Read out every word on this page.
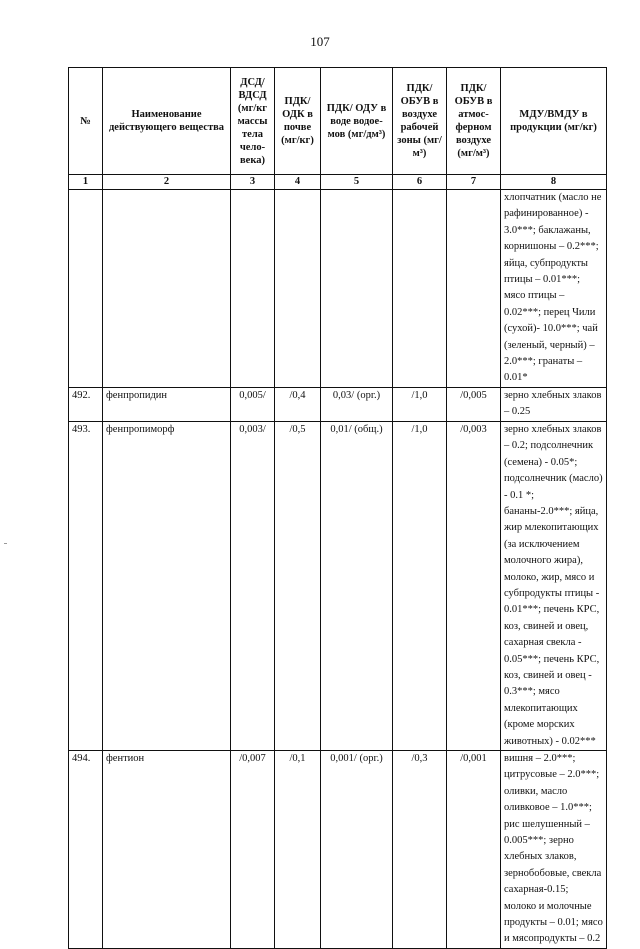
107
№	Наименование действующего вещества	ДСД/ ВДСД (мг/кг массы тела чело-века)	ПДК/ ОДК в почве (мг/кг)	ПДК/ ОДУ в воде водое-мов (мг/дм³)	ПДК/ ОБУВ в воздухе рабочей зоны (мг/м³)	ПДК/ ОБУВ в атмос-ферном воздухе (мг/м³)	МДУ/ВМДУ в продукции (мг/кг)
1	2	3	4	5	6	7	8
							хлопчатник (масло не рафинированное) - 3.0***; баклажаны, корнишоны – 0.2***; яйца, субпродукты птицы – 0.01***; мясо птицы – 0.02***; перец Чили (сухой)- 10.0***; чай (зеленый, черный) – 2.0***; гранаты – 0.01*
492.	фенпропидин	0,005/	/0,4	0,03/ (орг.)	/1,0	/0,005	зерно хлебных злаков – 0.25
493.	фенпропиморф	0,003/	/0,5	0,01/ (общ.)	/1,0	/0,003	зерно хлебных злаков – 0.2; подсолнечник (семена) - 0.05*; подсолнечник (масло) - 0.1 *; бананы-2.0***; яйца, жир млекопитающих (за исключением молочного жира), молоко, жир, мясо и субпродукты птицы - 0.01***; печень КРС, коз, свиней и овец, сахарная свекла - 0.05***; печень КРС, коз, свиней и овец - 0.3***; мясо млекопитающих (кроме морских животных) - 0.02***
494.	фентион	/0,007	/0,1	0,001/ (орг.)	/0,3	/0,001	вишня – 2.0***; цитрусовые – 2.0***; оливки, масло оливковое – 1.0***; рис шелушенный – 0.005***; зерно хлебных злаков, зернобобовые, свекла сахарная-0.15; молоко и молочные продукты – 0.01; мясо и мясопродукты – 0.2
